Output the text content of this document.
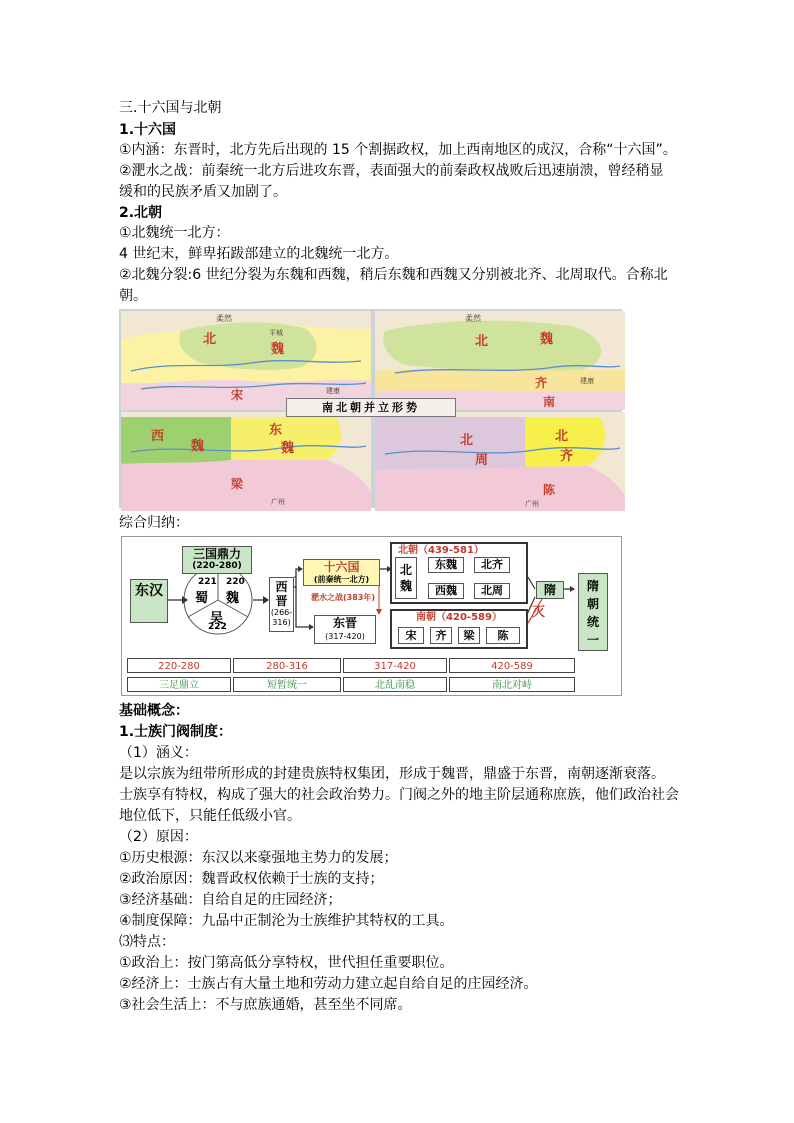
三.十六国与北朝
1.十六国
①内涵：东晋时，北方先后出现的 15 个割据政权，加上西南地区的成汉，合称“十六国”。
②淝水之战：前秦统一北方后进攻东晋，表面强大的前秦政权战败后迅速崩溃，曾经稍显
缓和的民族矛盾又加剧了。
2.北朝
①北魏统一北方：
4 世纪末，鲜卑拓跋部建立的北魏统一北方。
②北魏分裂:6 世纪分裂为东魏和西魏，稍后东魏和西魏又分别被北齐、北周取代。合称北
朝。
柔然
北
魏
宋
平城
建康
柔然
北	魏
齐
南
建康
西
魏
东
魏
梁
广州
北
周
北
齐
陈
广州
南北朝并立形势
综合归纳：
三国鼎力
(220-280)
221
蜀
220
魏
吴
222
东汉	西晋
(266-316)
十六国
(前秦统一北方)
淝水之战(383年)
东晋
(317-420)
北朝（439-581）
北魏
东魏	北齐
西魏	北周
南朝（420-589）
宋	齐	梁	陈
隋
灭
隋朝统一
220-280	280-316	317-420	420-589
三足鼎立	短暂统一	北乱南稳	南北对峙
基础概念：
1.士族门阀制度：
（1）涵义：
是以宗族为纽带所形成的封建贵族特权集团，形成于魏晋，鼎盛于东晋，南朝逐渐衰落。
士族享有特权，构成了强大的社会政治势力。门阀之外的地主阶层通称庶族，他们政治社会
地位低下，只能任低级小官。
（2）原因：
①历史根源：东汉以来豪强地主势力的发展；
②政治原因：魏晋政权依赖于士族的支持；
③经济基础：自给自足的庄园经济；
④制度保障：九品中正制沦为士族维护其特权的工具。
⑶特点：
①政治上：按门第高低分享特权，世代担任重要职位。
②经济上：士族占有大量土地和劳动力建立起自给自足的庄园经济。
③社会生活上：不与庶族通婚，甚至坐不同席。
